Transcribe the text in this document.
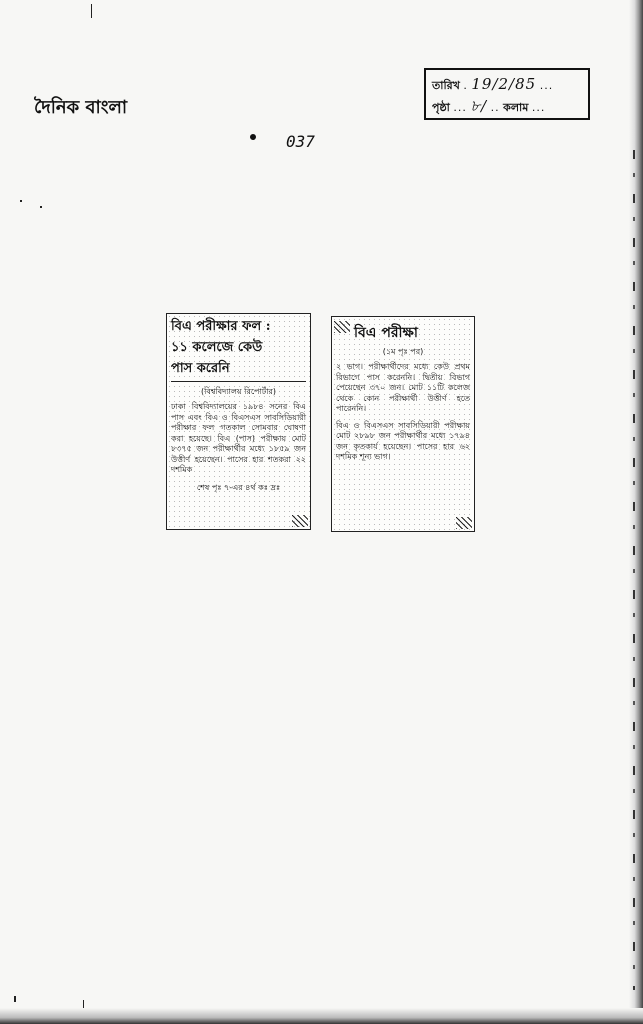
দৈনিক বাংলা
তারিখ . 19/2/85 ...
পৃষ্ঠা ... ৮/ .. কলাম ...
037
বিএ পরীক্ষার ফল :
১১ কলেজে কেউ
পাস করেনি
(বিশ্ববিদ্যালয় রিপোর্টার)
ঢাকা বিশ্ববিদ্যালয়ের ১৯৮৪ সনের বিএ পাস এবং বিএ ও বিএসএস সাবসিডিয়ারী পরীক্ষার ফল গতকাল সোমবার ঘোষণা করা হয়েছে। বিএ (পাস) পরীক্ষায় মোট ৮৩৭৫ জন পরীক্ষার্থীর মধ্যে ১৮৫৯ জন উত্তীর্ণ হয়েছেন। পাসের হার শতকরা ২২ দশমিক
শেষ পৃঃ ৭-এর ৪র্থ কঃ দ্রঃ
বিএ পরীক্ষা
(১ম পৃঃ পর)
২ ভাগ। পরীক্ষার্থীদের মধ্যে কেউ প্রথম বিভাগে পাস করেননি। দ্বিতীয় বিভাগ পেয়েছেন ৩৭০ জন। মোট ১১টি কলেজ থেকে কোন পরীক্ষার্থী উত্তীর্ণ হতে পারেননি।
বিএ ও বিএসএস সাবসিডিয়ারী পরীক্ষায় মোট ২৮৯৮ জন পরীক্ষার্থীর মধ্যে ১৭৯৪ জন কৃতকার্য হয়েছেন। পাসের হার ৬২ দশমিক শূন্য ভাগ।
